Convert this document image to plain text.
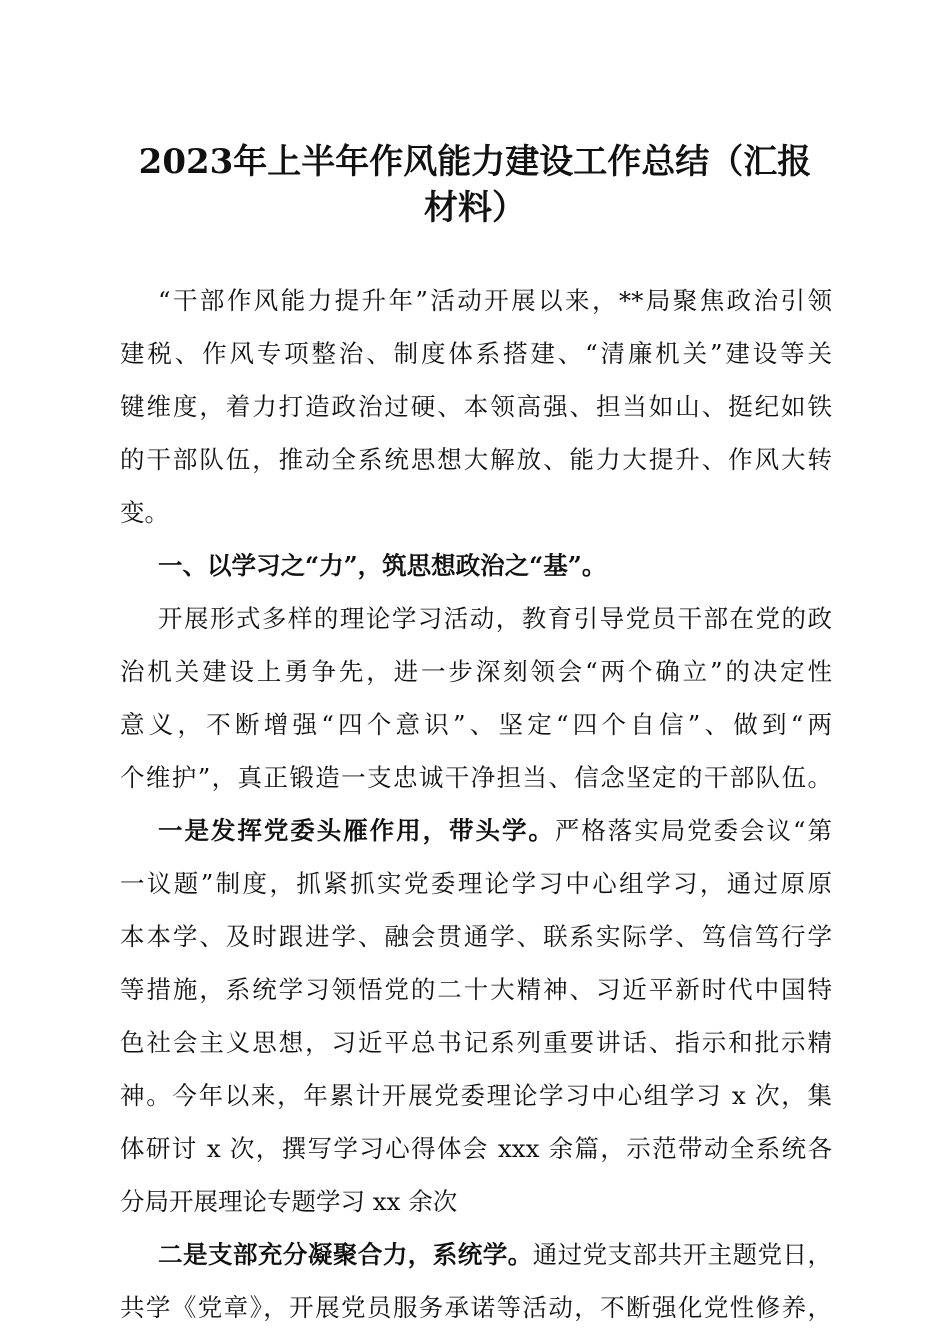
2023年上半年作风能力建设工作总结（汇报
材料）
“干部作风能力提升年”活动开展以来，**局聚焦政治引领
建税、作风专项整治、制度体系搭建、“清廉机关”建设等关
键维度，着力打造政治过硬、本领高强、担当如山、挺纪如铁
的干部队伍，推动全系统思想大解放、能力大提升、作风大转
变。
一、以学习之“力”，筑思想政治之“基”。
开展形式多样的理论学习活动，教育引导党员干部在党的政
治机关建设上勇争先，进一步深刻领会“两个确立”的决定性
意义，不断增强“四个意识”、坚定“四个自信”、做到“两
个维护”，真正锻造一支忠诚干净担当、信念坚定的干部队伍。
一是发挥党委头雁作用，带头学。严格落实局党委会议“第
一议题”制度，抓紧抓实党委理论学习中心组学习，通过原原
本本学、及时跟进学、融会贯通学、联系实际学、笃信笃行学
等措施，系统学习领悟党的二十大精神、习近平新时代中国特
色社会主义思想，习近平总书记系列重要讲话、指示和批示精
神。今年以来，年累计开展党委理论学习中心组学习 x 次，集
体研讨 x 次，撰写学习心得体会 xxx 余篇，示范带动全系统各
分局开展理论专题学习 xx 余次
二是支部充分凝聚合力，系统学。通过党支部共开主题党日，
共学《党章》，开展党员服务承诺等活动，不断强化党性修养，
